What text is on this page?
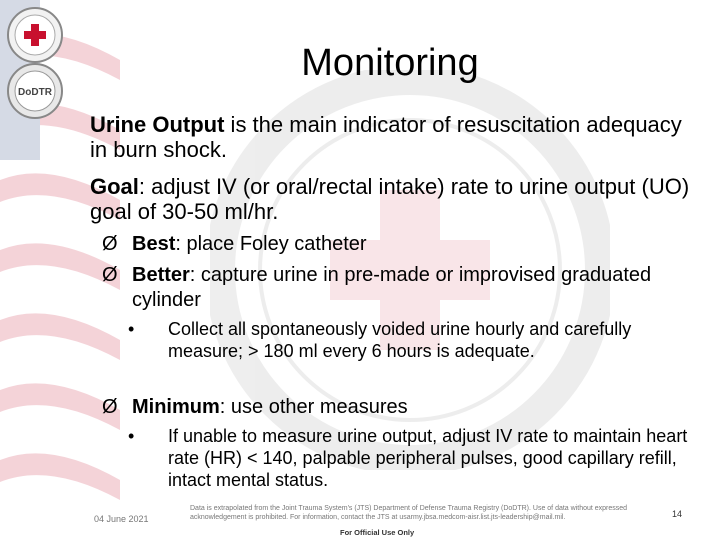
DoDTR
Monitoring
Urine Output is the main indicator of resuscitation adequacy in burn shock.
Goal: adjust IV (or oral/rectal intake) rate to urine output (UO) goal of 30-50 ml/hr.
Ø Best: place Foley catheter
Ø Better: capture urine in pre-made or improvised graduated cylinder
•	Collect all spontaneously voided urine hourly and carefully measure; > 180 ml every 6 hours is adequate.
Ø Minimum: use other measures
•	If unable to measure urine output, adjust IV rate to maintain heart rate (HR) < 140, palpable peripheral pulses, good capillary refill, intact mental status.
04 June 2021
Data is extrapolated from the Joint Trauma System's (JTS) Department of Defense Trauma Registry (DoDTR). Use of data without expressed acknowledgement is prohibited. For information, contact the JTS at usarmy.jbsa.medcom-aisr.list.jts-leadership@mail.mil.
For Official Use Only
14
